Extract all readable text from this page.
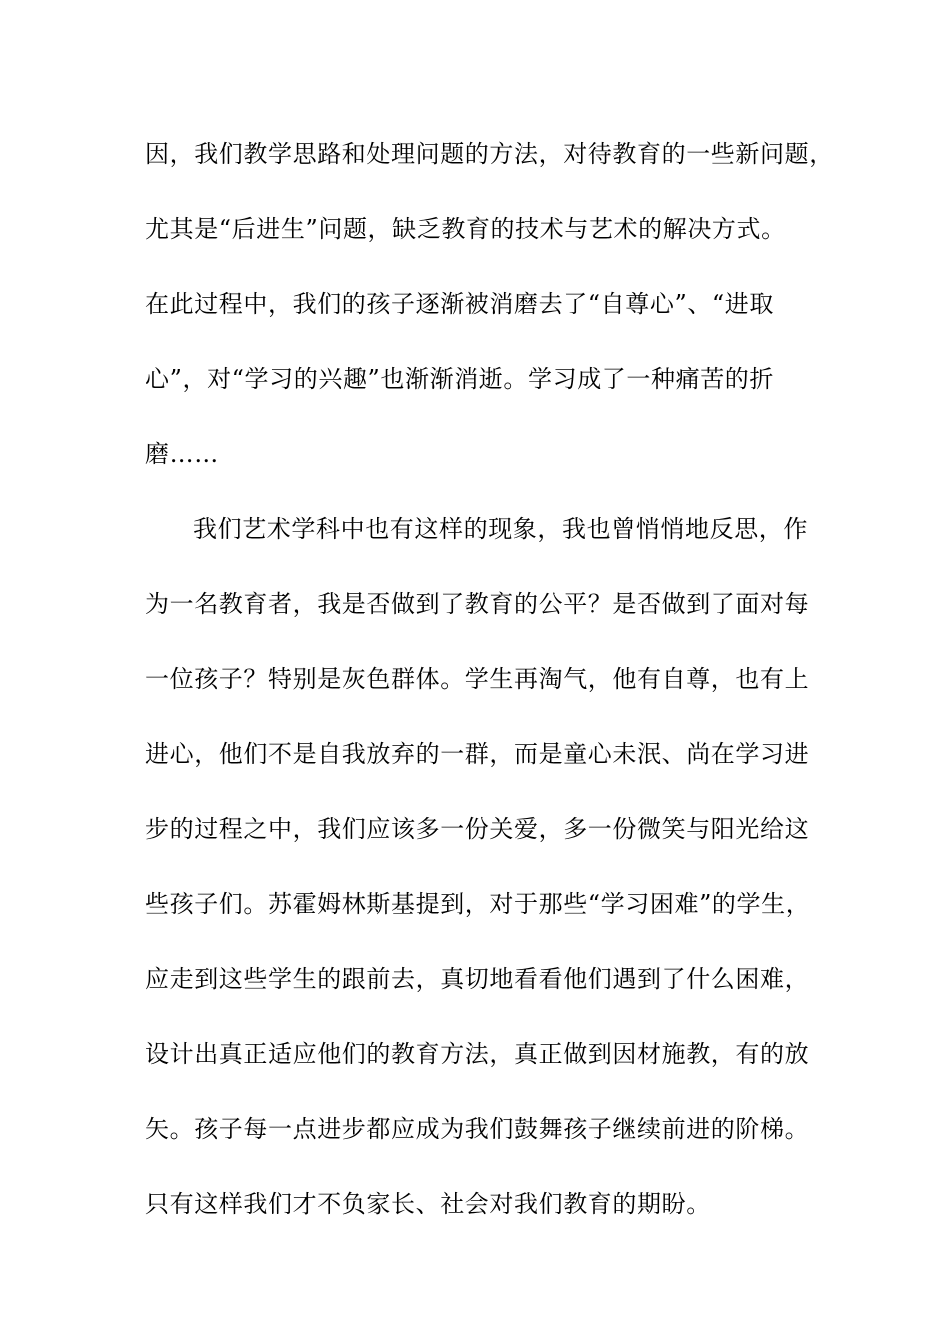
因，我们教学思路和处理问题的方法，对待教育的一些新问题，
尤其是“后进生”问题，缺乏教育的技术与艺术的解决方式。
在此过程中，我们的孩子逐渐被消磨去了“自尊心”、“进取
心”，对“学习的兴趣”也渐渐消逝。学习成了一种痛苦的折
磨……
我们艺术学科中也有这样的现象，我也曾悄悄地反思，作
为一名教育者，我是否做到了教育的公平？是否做到了面对每
一位孩子？特别是灰色群体。学生再淘气，他有自尊，也有上
进心，他们不是自我放弃的一群，而是童心未泯、尚在学习进
步的过程之中，我们应该多一份关爱，多一份微笑与阳光给这
些孩子们。苏霍姆林斯基提到，对于那些“学习困难”的学生，
应走到这些学生的跟前去，真切地看看他们遇到了什么困难，
设计出真正适应他们的教育方法，真正做到因材施教，有的放
矢。孩子每一点进步都应成为我们鼓舞孩子继续前进的阶梯。
只有这样我们才不负家长、社会对我们教育的期盼。
